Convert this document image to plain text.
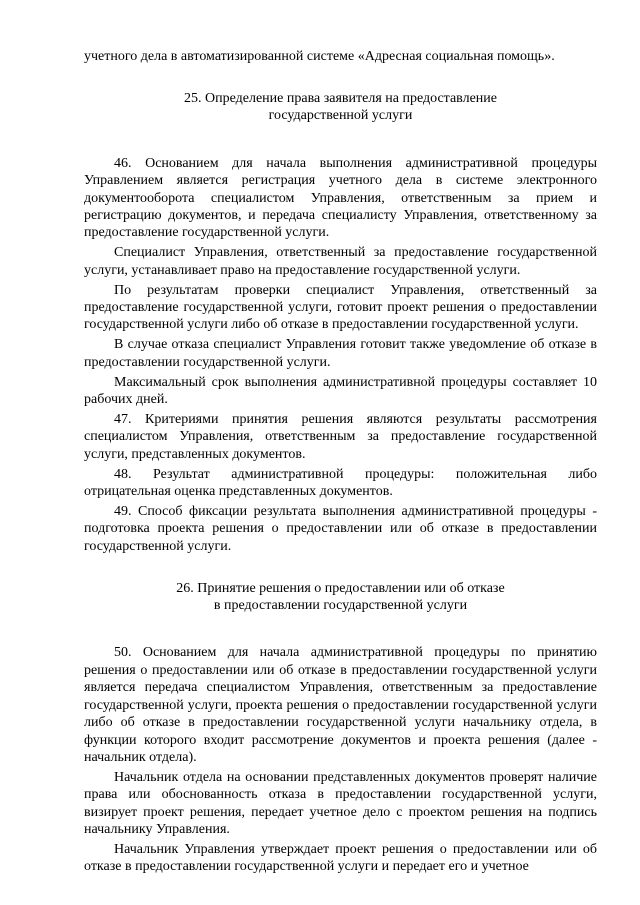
учетного дела в автоматизированной системе «Адресная социальная помощь».

25. Определение права заявителя на предоставление

государственной услуги

46. Основанием для начала выполнения административной процедуры Управлением является регистрация учетного дела в системе электронного документооборота специалистом Управления, ответственным за прием и регистрацию документов, и передача специалисту Управления, ответственному за предоставление государственной услуги.

Специалист Управления, ответственный за предоставление государственной услуги, устанавливает право на предоставление государственной услуги.

По результатам проверки специалист Управления, ответственный за предоставление государственной услуги, готовит проект решения о предоставлении государственной услуги либо об отказе в предоставлении государственной услуги.

В случае отказа специалист Управления готовит также уведомление об отказе в предоставлении государственной услуги.

Максимальный срок выполнения административной процедуры составляет 10 рабочих дней.

47. Критериями принятия решения являются результаты рассмотрения специалистом Управления, ответственным за предоставление государственной услуги, представленных документов.

48. Результат административной процедуры: положительная либо отрицательная оценка представленных документов.

49. Способ фиксации результата выполнения административной процедуры - подготовка проекта решения о предоставлении или об отказе в предоставлении государственной услуги.

26. Принятие решения о предоставлении или об отказе

в предоставлении государственной услуги

50. Основанием для начала административной процедуры по принятию решения о предоставлении или об отказе в предоставлении государственной услуги является передача специалистом Управления, ответственным за предоставление государственной услуги, проекта решения о предоставлении государственной услуги либо об отказе в предоставлении государственной услуги начальнику отдела, в функции которого входит рассмотрение документов и проекта решения (далее - начальник отдела).

Начальник отдела на основании представленных документов проверят наличие права или обоснованность отказа в предоставлении государственной услуги, визирует проект решения, передает учетное дело с проектом решения на подпись начальнику Управления.

Начальник Управления утверждает проект решения о предоставлении или об отказе в предоставлении государственной услуги и передает его и учетное
